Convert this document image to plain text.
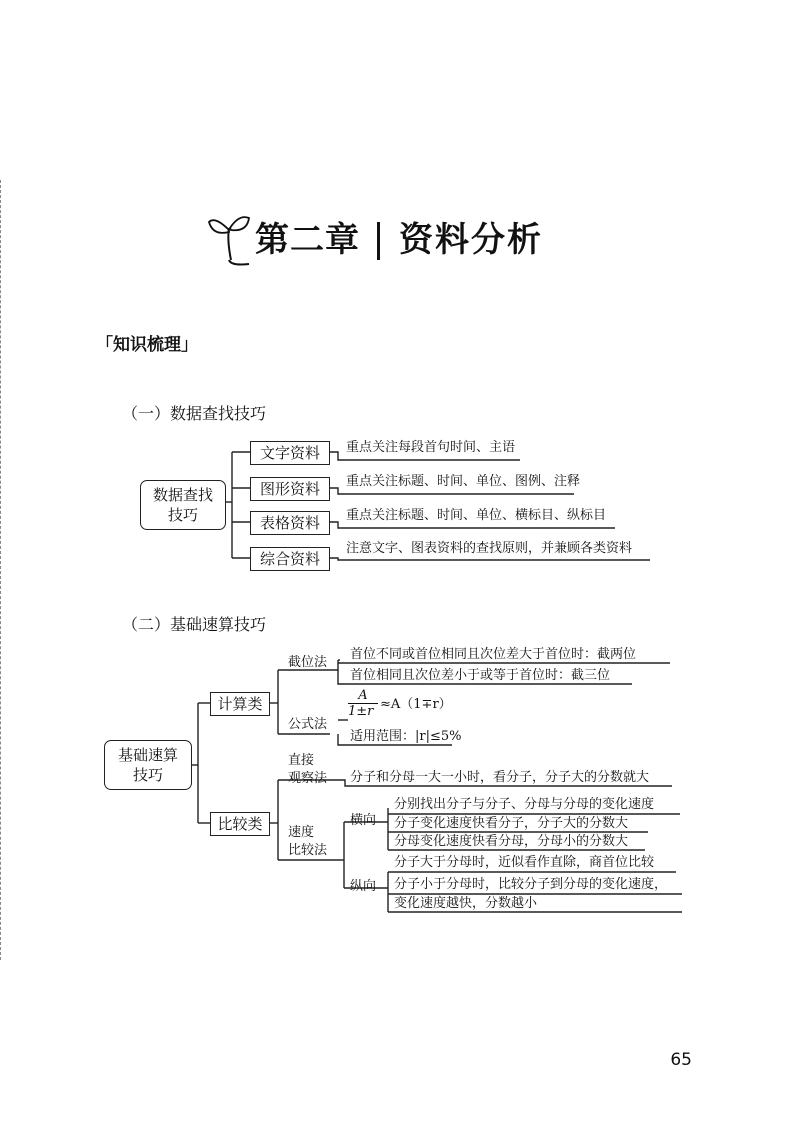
第二章 资料分析
「知识梳理」
（一）数据查找技巧
数据查找
技巧
文字资料
图形资料
表格资料
综合资料
重点关注每段首句时间、主语
重点关注标题、时间、单位、图例、注释
重点关注标题、时间、单位、横标目、纵标目
注意文字、图表资料的查找原则，并兼顾各类资料
（二）基础速算技巧
基础速算
技巧
计算类
比较类
截位法
首位不同或首位相同且次位差大于首位时：截两位
首位相同且次位差小于或等于首位时：截三位
公式法
A
1±r ≈A（1∓r）
适用范围：|r|≤5%
直接
观察法 分子和分母一大一小时，看分子，分子大的分数就大
速度
比较法
横向
分别找出分子与分子、分母与分母的变化速度
分子变化速度快看分子，分子大的分数大
分母变化速度快看分母，分母小的分数大
纵向
分子大于分母时，近似看作直除，商首位比较
分子小于分母时，比较分子到分母的变化速度，
变化速度越快，分数越小
65
